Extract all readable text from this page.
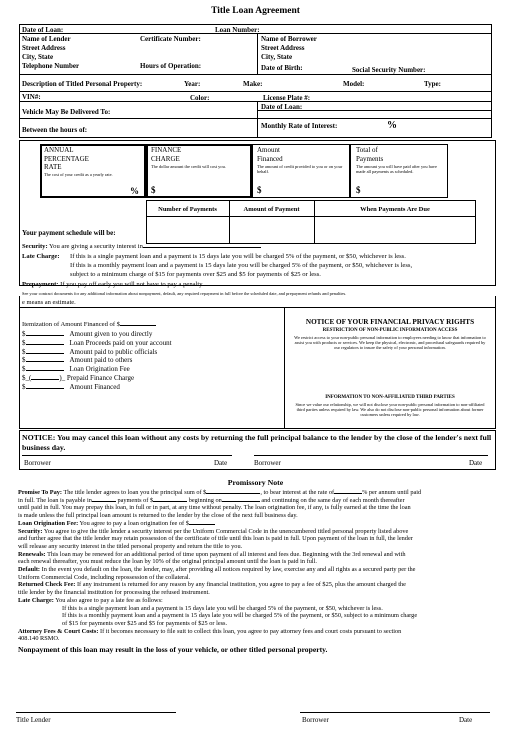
Title Loan Agreement
Date of Loan:	Loan Number:
Name of Lender
Street Address
City, State
Telephone Number
Certificate Number:
Hours of Operation:
Name of Borrower
Street Address
City, State
Date of Birth:	Social Security Number:
Description of Titled Personal Property:	Year:	Make:	Model:	Type:
VIN#:	Color:	License Plate #:
Vehicle May Be Delivered To:
Date of Loan:
Between the hours of:	Monthly Rate of Interest:	%
ANNUAL
PERCENTAGE
RATE
The cost of your credit as a yearly rate.
%
FINANCE
CHARGE
The dollar amount the credit will cost you.
$
Amount
Financed
The amount of credit provided to you or on your behalf.
$
Total of
Payments
The amount you will have paid after you have made all payments as scheduled.
$
Number of Payments	Amount of Payment	When Payments Are Due
Your payment schedule will be:
Security: You are giving a security interest in
Late Charge: If this is a single payment loan and a payment is 15 days late you will be charged 5% of the payment, or $50, whichever is less.
If this is a monthly payment loan and a payment is 15 days late you will be charged 5% of the payment, or $50, whichever is less,
subject to a minimum charge of $15 for payments over $25 and $5 for payments of $25 or less.
Prepayment: If you pay off early you will not have to pay a penalty.
See your contract documents for any additional information about nonpayment, default, any required repayment in full before the scheduled date, and prepayment refunds and penalties.
e means an estimate.
Itemization of Amount Financed of $
$	Amount given to you directly
$	Loan Proceeds paid on your account
$	Amount paid to public officials
$	Amount paid to others
$	Loan Origination Fee
$_(	)_ Prepaid Finance Charge
$	Amount Financed
NOTICE OF YOUR FINANCIAL PRIVACY RIGHTS
RESTRICTION OF NON-PUBLIC INFORMATION ACCESS
We restrict access to your non-public personal information to employees needing to know that information to assist you with products or services. We keep the physical, electronic, and procedural safeguards required by our regulators to insure the safety of your personal information.
INFORMATION TO NON-AFFILIATED THIRD PARTIES
Since we value our relationship, we will not disclose your non-public personal information to non-affiliated third parties unless required by law. We also do not disclose non-public personal information about former customers unless required by law.
NOTICE: You may cancel this loan without any costs by returning the full principal balance to the lender by the close of the lender's next full business day.
Borrower	Date	Borrower	Date
Promissory Note
Promise To Pay: The title lender agrees to loan you the principal sum of $	, to bear interest at the rate of	% per annum until paid
in full. The loan is payable in	payments of $	beginning on	and continuing on the same day of each month thereafter
until paid in full. You may prepay this loan, in full or in part, at any time without penalty. The loan origination fee, if any, is fully earned at the time the loan
is made unless the full principal loan amount is returned to the lender by the close of the next full business day.
Loan Origination Fee: You agree to pay a loan origination fee of $
Security: You agree to give the title lender a security interest per the Uniform Commercial Code in the unencumbered titled personal property listed above
and further agree that the title lender may retain possession of the certificate of title until this loan is paid in full. Upon payment of the loan in full, the lender
will release any security interest in the titled personal property and return the title to you.
Renewals: This loan may be renewed for an additional period of time upon payment of all interest and fees due. Beginning with the 3rd renewal and with
each renewal thereafter, you must reduce the loan by 10% of the original principal amount until the loan is paid in full.
Default: In the event you default on the loan, the lender, may, after providing all notices required by law, exercise any and all rights as a secured party per the
Uniform Commercial Code, including repossession of the collateral.
Returned Check Fee: If any instrument is returned for any reason by any financial institution, you agree to pay a fee of $25, plus the amount charged the
title lender by the financial institution for processing the refused instrument.
Late Charge: You also agree to pay a late fee as follows:
If this is a single payment loan and a payment is 15 days late you will be charged 5% of the payment, or $50, whichever is less.
If this is a monthly payment loan and a payment is 15 days late you will be charged 5% of the payment, or $50, subject to a minimum charge
of $15 for payments over $25 and $5 for payments of $25 or less.
Attorney Fees & Court Costs: If it becomes necessary to file suit to collect this loan, you agree to pay attorney fees and court costs pursuant to section
408.140 RSMO.
Nonpayment of this loan may result in the loss of your vehicle, or other titled personal property.
Title Lender	Borrower	Date
